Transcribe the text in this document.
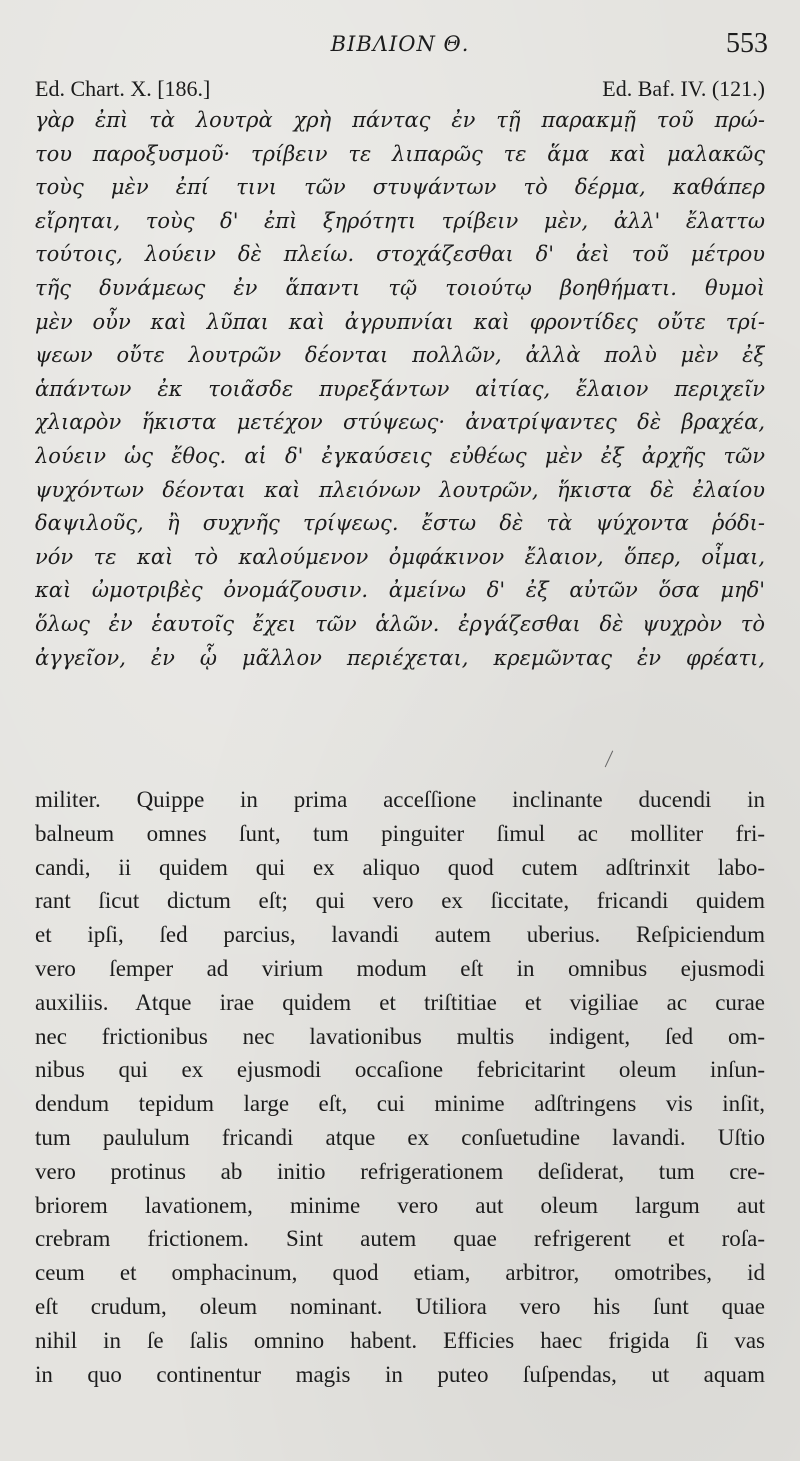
BIBΛΙΟΝ Θ.	553
Ed. Chart. X. [186.]	Ed. Baf. IV. (121.)
γὰρ ἐπὶ τὰ λουτρὰ χρὴ πάντας ἐν τῇ παρακμῇ τοῦ πρώ-
του παροξυσμοῦ· τρίβειν τε λιπαρῶς τε ἅμα καὶ μαλακῶς
τοὺς μὲν ἐπί τινι τῶν στυψάντων τὸ δέρμα, καθάπερ
εἴρηται, τοὺς δ' ἐπὶ ξηρότητι τρίβειν μὲν, ἀλλ' ἔλαττω
τούτοις, λούειν δὲ πλείω. στοχάζεσθαι δ' ἀεὶ τοῦ μέτρου
τῆς δυνάμεως ἐν ἅπαντι τῷ τοιούτῳ βοηθήματι. θυμοὶ
μὲν οὖν καὶ λῦπαι καὶ ἀγρυπνίαι καὶ φροντίδες οὔτε τρί-
ψεων οὔτε λουτρῶν δέονται πολλῶν, ἀλλὰ πολὺ μὲν ἐξ
ἁπάντων ἐκ τοιᾶσδε πυρεξάντων αἰτίας, ἔλαιον περιχεῖν
χλιαρὸν ἥκιστα μετέχον στύψεως· ἀνατρίψαντες δὲ βραχέα,
λούειν ὡς ἔθος. αἱ δ' ἐγκαύσεις εὐθέως μὲν ἐξ ἀρχῆς τῶν
ψυχόντων δέονται καὶ πλειόνων λουτρῶν, ἥκιστα δὲ ἐλαίου
δαψιλοῦς, ἢ συχνῆς τρίψεως. ἔστω δὲ τὰ ψύχοντα ῥόδι-
νόν τε καὶ τὸ καλούμενον ὀμφάκινον ἔλαιον, ὅπερ, οἶμαι,
καὶ ὠμοτριβὲς ὀνομάζουσιν. ἀμείνω δ' ἐξ αὐτῶν ὅσα μηδ'
ὅλως ἐν ἑαυτοῖς ἔχει τῶν ἁλῶν. ἐργάζεσθαι δὲ ψυχρὸν τὸ
ἀγγεῖον, ἐν ᾧ μᾶλλον περιέχεται, κρεμῶντας ἐν φρέατι,
militer. Quippe in prima acceſſione inclinante ducendi in
balneum omnes ſunt, tum pinguiter ſimul ac molliter fri-
candi, ii quidem qui ex aliquo quod cutem adſtrinxit labo-
rant ſicut dictum eſt; qui vero ex ſiccitate, fricandi quidem
et ipſi, ſed parcius, lavandi autem uberius. Reſpiciendum
vero ſemper ad virium modum eſt in omnibus ejusmodi
auxiliis. Atque irae quidem et triſtitiae et vigiliae ac curae
nec frictionibus nec lavationibus multis indigent, ſed om-
nibus qui ex ejusmodi occaſione febricitarint oleum inſun-
dendum tepidum large eſt, cui minime adſtringens vis inſit,
tum paululum fricandi atque ex conſuetudine lavandi. Uſtio
vero protinus ab initio refrigerationem deſiderat, tum cre-
briorem lavationem, minime vero aut oleum largum aut
crebram frictionem. Sint autem quae refrigerent et roſa-
ceum et omphacinum, quod etiam, arbitror, omotribes, id
eſt crudum, oleum nominant. Utiliora vero his ſunt quae
nihil in ſe ſalis omnino habent. Efficies haec frigida ſi vas
in quo continentur magis in puteo ſuſpendas, ut aquam
